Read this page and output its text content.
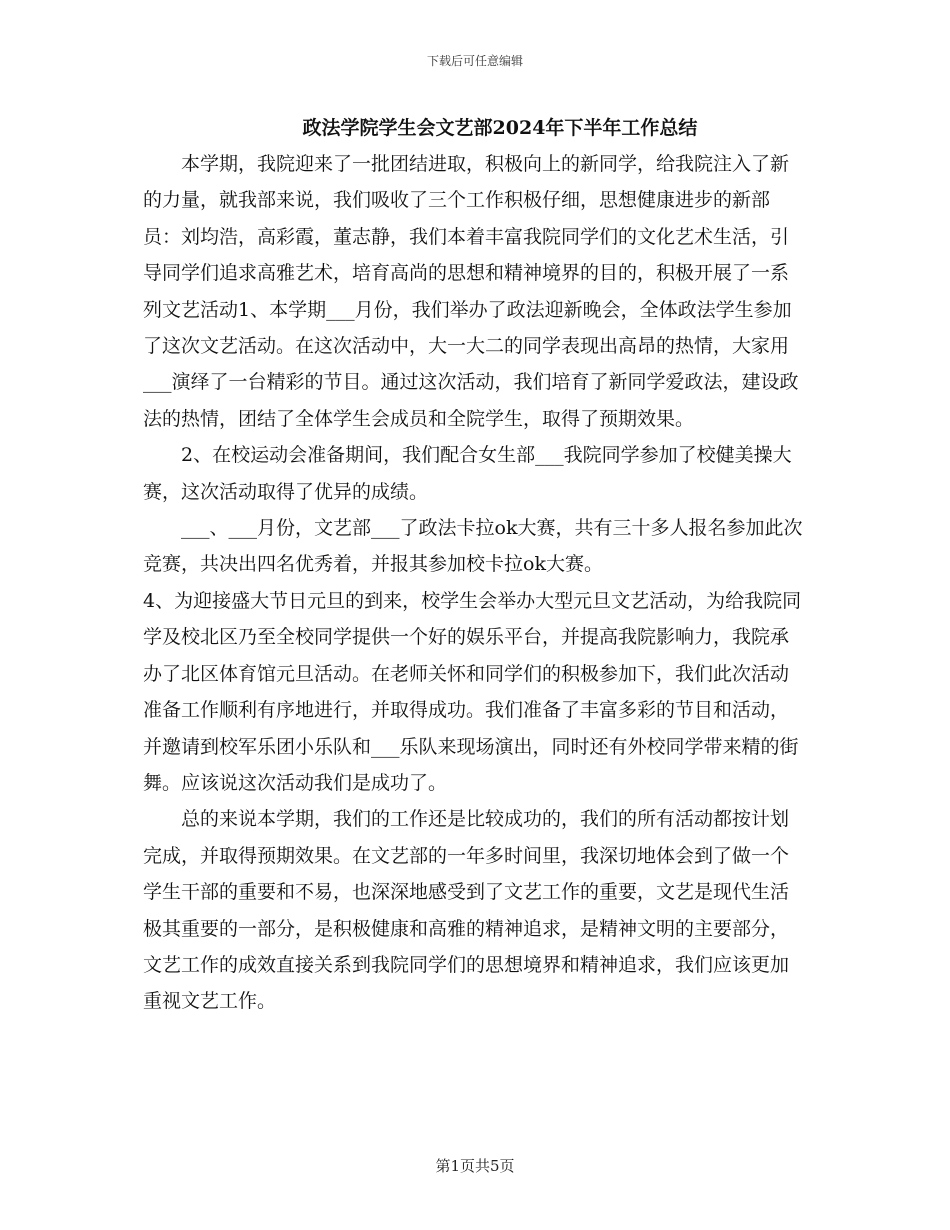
下载后可任意编辑
政法学院学生会文艺部2024年下半年工作总结

本学期，我院迎来了一批团结进取，积极向上的新同学，给我院注入了新的力量，就我部来说，我们吸收了三个工作积极仔细，思想健康进步的新部员：刘均浩，高彩霞，董志静，我们本着丰富我院同学们的文化艺术生活，引导同学们追求高雅艺术，培育高尚的思想和精神境界的目的，积极开展了一系列文艺活动1、本学期___月份，我们举办了政法迎新晚会，全体政法学生参加了这次文艺活动。在这次活动中，大一大二的同学表现出高昂的热情，大家用___演绎了一台精彩的节目。通过这次活动，我们培育了新同学爱政法，建设政法的热情，团结了全体学生会成员和全院学生，取得了预期效果。

2、在校运动会准备期间，我们配合女生部___我院同学参加了校健美操大赛，这次活动取得了优异的成绩。

___、___月份，文艺部___了政法卡拉ok大赛，共有三十多人报名参加此次竞赛，共决出四名优秀着，并报其参加校卡拉ok大赛。

4、为迎接盛大节日元旦的到来，校学生会举办大型元旦文艺活动，为给我院同学及校北区乃至全校同学提供一个好的娱乐平台，并提高我院影响力，我院承办了北区体育馆元旦活动。在老师关怀和同学们的积极参加下，我们此次活动准备工作顺利有序地进行，并取得成功。我们准备了丰富多彩的节目和活动，并邀请到校军乐团小乐队和___乐队来现场演出，同时还有外校同学带来精的街舞。应该说这次活动我们是成功了。

总的来说本学期，我们的工作还是比较成功的，我们的所有活动都按计划完成，并取得预期效果。在文艺部的一年多时间里，我深切地体会到了做一个学生干部的重要和不易，也深深地感受到了文艺工作的重要，文艺是现代生活极其重要的一部分，是积极健康和高雅的精神追求，是精神文明的主要部分，文艺工作的成效直接关系到我院同学们的思想境界和精神追求，我们应该更加重视文艺工作。

第1页共5页
